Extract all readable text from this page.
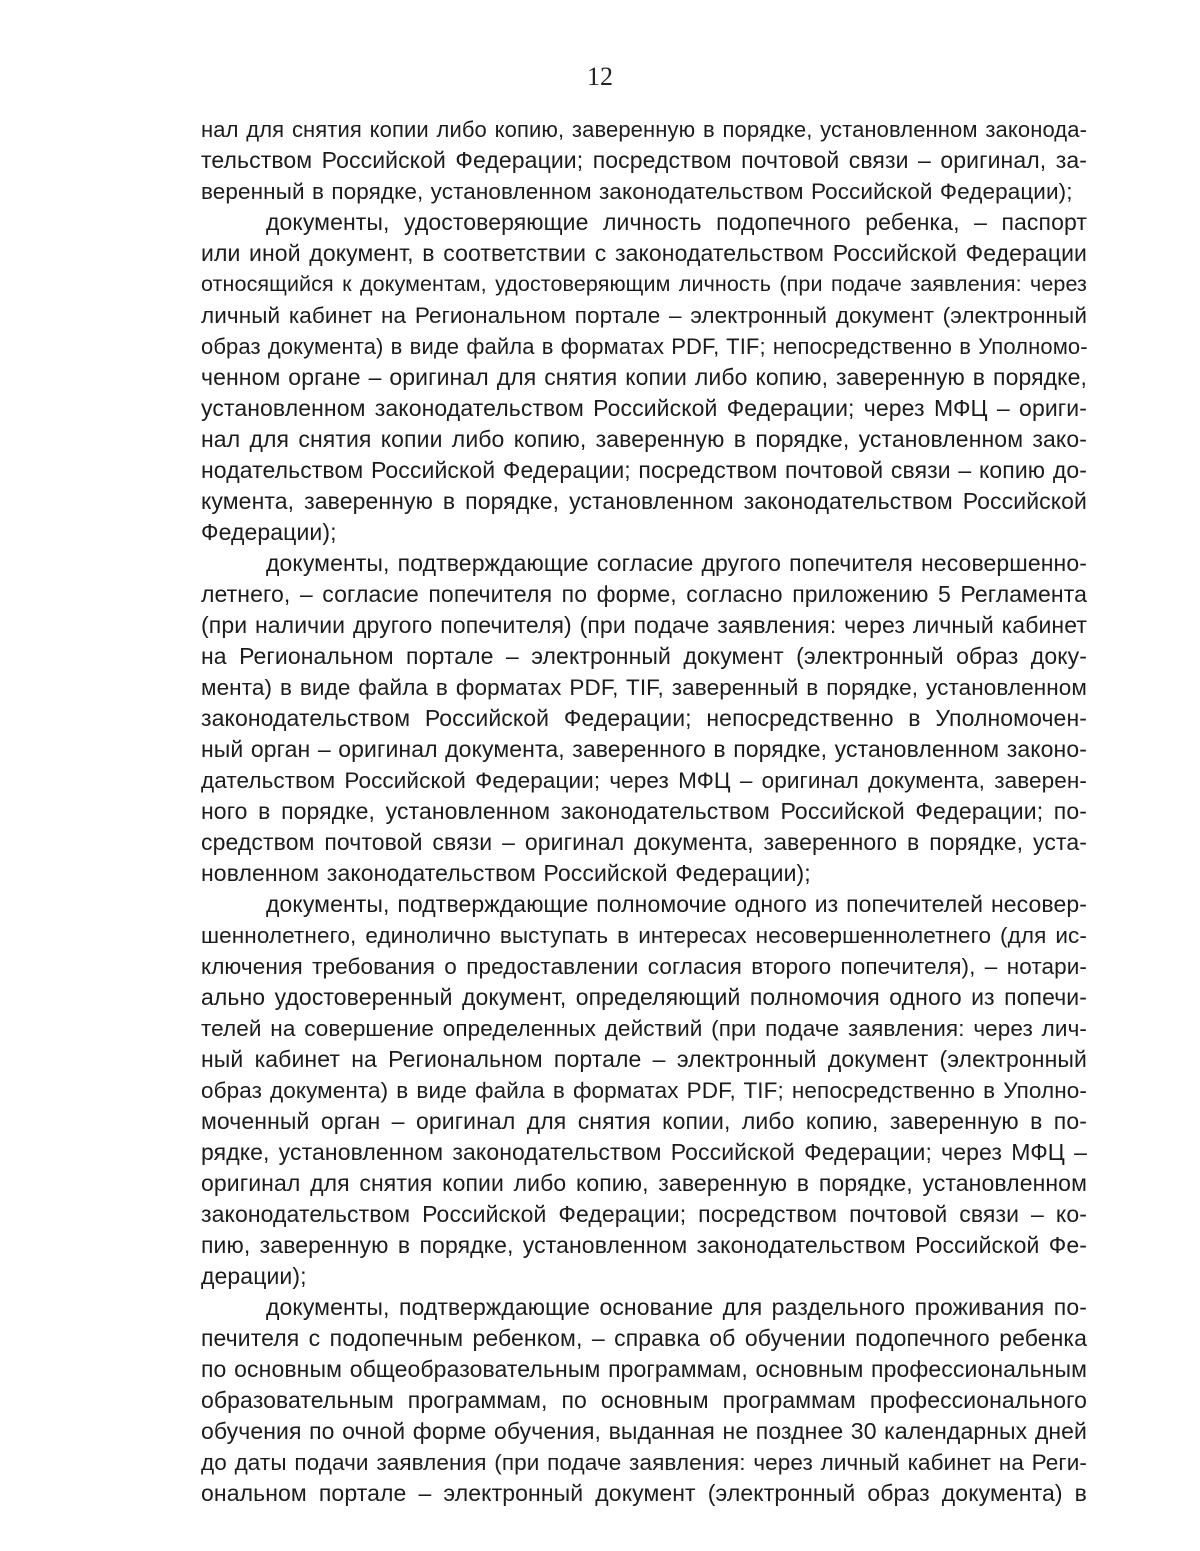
12
нал для снятия копии либо копию, заверенную в порядке, установленном законода-
тельством Российской Федерации; посредством почтовой связи – оригинал, за-
веренный в порядке, установленном законодательством Российской Федерации);
документы, удостоверяющие личность подопечного ребенка, – паспорт
или иной документ, в соответствии с законодательством Российской Федерации
относящийся к документам, удостоверяющим личность (при подаче заявления: через
личный кабинет на Региональном портале – электронный документ (электронный
образ документа) в виде файла в форматах PDF, TIF; непосредственно в Уполномо-
ченном органе – оригинал для снятия копии либо копию, заверенную в порядке,
установленном законодательством Российской Федерации; через МФЦ – ориги-
нал для снятия копии либо копию, заверенную в порядке, установленном зако-
нодательством Российской Федерации; посредством почтовой связи – копию до-
кумента, заверенную в порядке, установленном законодательством Российской
Федерации);
документы, подтверждающие согласие другого попечителя несовершенно-
летнего, – согласие попечителя по форме, согласно приложению 5 Регламента
(при наличии другого попечителя) (при подаче заявления: через личный кабинет
на Региональном портале – электронный документ (электронный образ доку-
мента) в виде файла в форматах PDF, TIF, заверенный в порядке, установленном
законодательством Российской Федерации; непосредственно в Уполномочен-
ный орган – оригинал документа, заверенного в порядке, установленном законо-
дательством Российской Федерации; через МФЦ – оригинал документа, заверен-
ного в порядке, установленном законодательством Российской Федерации; по-
средством почтовой связи – оригинал документа, заверенного в порядке, уста-
новленном законодательством Российской Федерации);
документы, подтверждающие полномочие одного из попечителей несовер-
шеннолетнего, единолично выступать в интересах несовершеннолетнего (для ис-
ключения требования о предоставлении согласия второго попечителя), – нотари-
ально удостоверенный документ, определяющий полномочия одного из попечи-
телей на совершение определенных действий (при подаче заявления: через лич-
ный кабинет на Региональном портале – электронный документ (электронный
образ документа) в виде файла в форматах PDF, TIF; непосредственно в Уполно-
моченный орган – оригинал для снятия копии, либо копию, заверенную в по-
рядке, установленном законодательством Российской Федерации; через МФЦ –
оригинал для снятия копии либо копию, заверенную в порядке, установленном
законодательством Российской Федерации; посредством почтовой связи – ко-
пию, заверенную в порядке, установленном законодательством Российской Фе-
дерации);
документы, подтверждающие основание для раздельного проживания по-
печителя с подопечным ребенком, – справка об обучении подопечного ребенка
по основным общеобразовательным программам, основным профессиональным
образовательным программам, по основным программам профессионального
обучения по очной форме обучения, выданная не позднее 30 календарных дней
до даты подачи заявления (при подаче заявления: через личный кабинет на Реги-
ональном портале – электронный документ (электронный образ документа) в
